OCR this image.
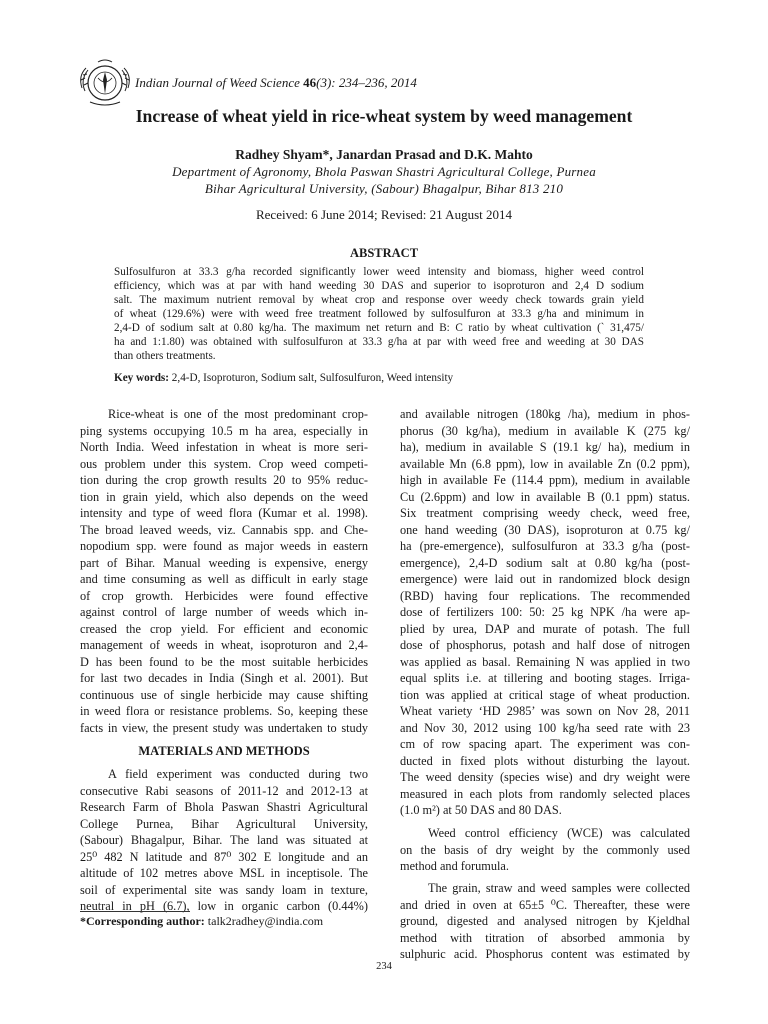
Indian Journal of Weed Science 46(3): 234–236, 2014
Increase of wheat yield in rice-wheat system by weed management
Radhey Shyam*, Janardan Prasad and D.K. Mahto
Department of Agronomy, Bhola Paswan Shastri Agricultural College, Purnea
Bihar Agricultural University, (Sabour) Bhagalpur, Bihar 813 210
Received: 6 June 2014; Revised: 21 August 2014
ABSTRACT
Sulfosulfuron at 33.3 g/ha recorded significantly lower weed intensity and biomass, higher weed control
efficiency, which was at par with hand weeding 30 DAS and superior to isoproturon and 2,4 D sodium
salt. The maximum nutrient removal by wheat crop and response over weedy check towards grain yield
of wheat (129.6%) were with weed free treatment followed by sulfosulfuron at 33.3 g/ha and minimum in
2,4-D of sodium salt at 0.80 kg/ha. The maximum net return and B: C ratio by wheat cultivation (` 31,475/
ha and 1:1.80) was obtained with sulfosulfuron at 33.3 g/ha at par with weed free and weeding at 30 DAS
than others treatments.
Key words: 2,4-D, Isoproturon, Sodium salt, Sulfosulfuron, Weed intensity
Rice-wheat is one of the most predominant crop-
ping systems occupying 10.5 m ha area, especially in
North India. Weed infestation in wheat is more seri-
ous problem under this system. Crop weed competi-
tion during the crop growth results 20 to 95% reduc-
tion in grain yield, which also depends on the weed
intensity and type of weed flora (Kumar et al. 1998).
The broad leaved weeds, viz. Cannabis spp. and Che-
nopodium spp. were found as major weeds in eastern
part of Bihar. Manual weeding is expensive, energy
and time consuming as well as difficult in early stage
of crop growth. Herbicides were found effective
against control of large number of weeds which in-
creased the crop yield. For efficient and economic
management of weeds in wheat, isoproturon and 2,4-
D has been found to be the most suitable herbicides
for last two decades in India (Singh et al. 2001). But
continuous use of single herbicide may cause shifting
in weed flora or resistance problems. So, keeping these
facts in view, the present study was undertaken to study
MATERIALS AND METHODS
A field experiment was conducted during two
consecutive Rabi seasons of 2011-12 and 2012-13 at
Research Farm of Bhola Paswan Shastri Agricultural
College Purnea, Bihar Agricultural University,
(Sabour) Bhagalpur, Bihar. The land was situated at
25⁰ 482 N latitude and 87⁰ 302 E longitude and an
altitude of 102 metres above MSL in inceptisole. The
soil of experimental site was sandy loam in texture,
neutral in pH (6.7), low in organic carbon (0.44%)
and available nitrogen (180kg /ha), medium in phos-
phorus (30 kg/ha), medium in available K (275 kg/
ha), medium in available S (19.1 kg/ ha), medium in
available Mn (6.8 ppm), low in available Zn (0.2 ppm),
high in available Fe (114.4 ppm), medium in available
Cu (2.6ppm) and low in available B (0.1 ppm) status.
Six treatment comprising weedy check, weed free,
one hand weeding (30 DAS), isoproturon at 0.75 kg/
ha (pre-emergence), sulfosulfuron at 33.3 g/ha (post-
emergence), 2,4-D sodium salt at 0.80 kg/ha (post-
emergence) were laid out in randomized block design
(RBD) having four replications. The recommended
dose of fertilizers 100: 50: 25 kg NPK /ha were ap-
plied by urea, DAP and murate of potash. The full
dose of phosphorus, potash and half dose of nitrogen
was applied as basal. Remaining N was applied in two
equal splits i.e. at tillering and booting stages. Irriga-
tion was applied at critical stage of wheat production.
Wheat variety ‘HD 2985’ was sown on Nov 28, 2011
and Nov 30, 2012 using 100 kg/ha seed rate with 23
cm of row spacing apart. The experiment was con-
ducted in fixed plots without disturbing the layout.
The weed density (species wise) and dry weight were
measured in each plots from randomly selected places
(1.0 m²) at 50 DAS and 80 DAS.
Weed control efficiency (WCE) was calculated
on the basis of dry weight by the commonly used
method and forumula.
The grain, straw and weed samples were collected
and dried in oven at 65±5 ⁰C. Thereafter, these were
ground, digested and analysed nitrogen by Kjeldhal
method with titration of absorbed ammonia by
sulphuric acid. Phosphorus content was estimated by
*Corresponding author: talk2radhey@india.com
234
